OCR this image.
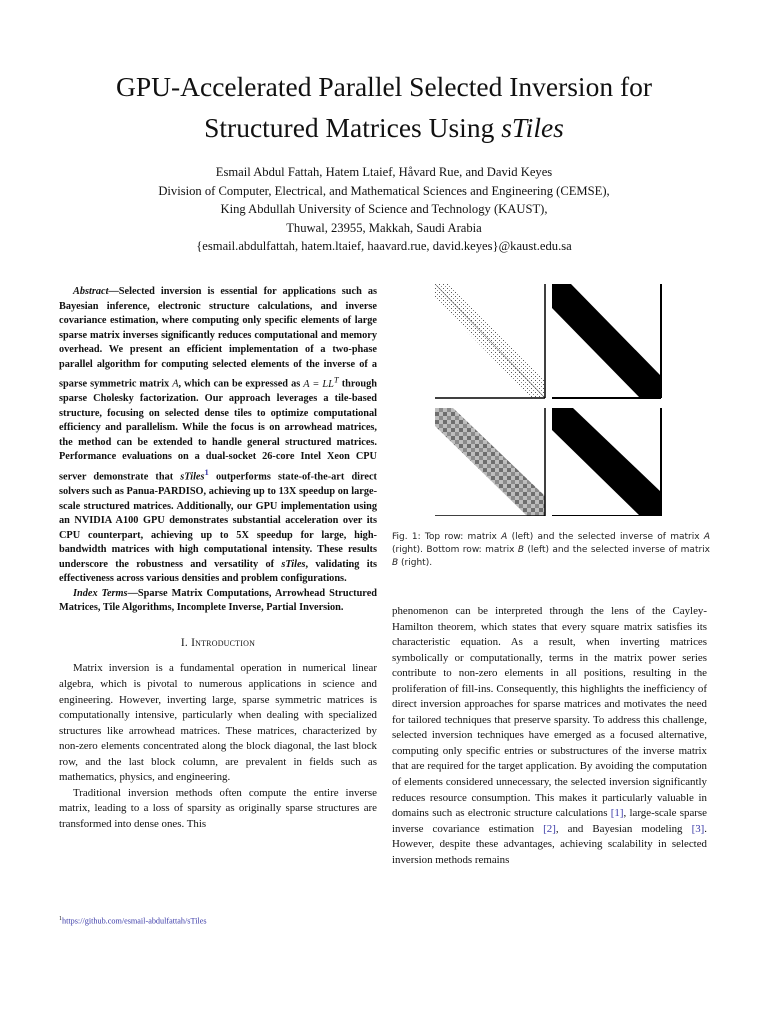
GPU-Accelerated Parallel Selected Inversion for
Structured Matrices Using sTiles
Esmail Abdul Fattah, Hatem Ltaief, Håvard Rue, and David Keyes
Division of Computer, Electrical, and Mathematical Sciences and Engineering (CEMSE),
King Abdullah University of Science and Technology (KAUST),
Thuwal, 23955, Makkah, Saudi Arabia
{esmail.abdulfattah, hatem.ltaief, haavard.rue, david.keyes}@kaust.edu.sa

Abstract—Selected inversion is essential for applications such as Bayesian inference, electronic structure calculations, and inverse covariance estimation, where computing only specific elements of large sparse matrix inverses significantly reduces computational and memory overhead. We present an efficient implementation of a two-phase parallel algorithm for computing selected elements of the inverse of a sparse symmetric matrix A, which can be expressed as $A = LL^T$ through sparse Cholesky factorization. Our approach leverages a tile-based structure, focusing on selected dense tiles to optimize computational efficiency and parallelism. While the focus is on arrowhead matrices, the method can be extended to handle general structured matrices. Performance evaluations on a dual-socket 26-core Intel Xeon CPU server demonstrate that sTiles$^1$ outperforms state-of-the-art direct solvers such as Panua-PARDISO, achieving up to 13X speedup on large-scale structured matrices. Additionally, our GPU implementation using an NVIDIA A100 GPU demonstrates substantial acceleration over its CPU counterpart, achieving up to 5X speedup for large, high-bandwidth matrices with high computational intensity. These results underscore the robustness and versatility of sTiles, validating its effectiveness across various densities and problem configurations.

Index Terms—Sparse Matrix Computations, Arrowhead Structured Matrices, Tile Algorithms, Incomplete Inverse, Partial Inversion.

I. Introduction

Matrix inversion is a fundamental operation in numerical linear algebra, which is pivotal to numerous applications in science and engineering. However, inverting large, sparse symmetric matrices is computationally intensive, particularly when dealing with specialized structures like arrowhead matrices. These matrices, characterized by non-zero elements concentrated along the block diagonal, the last block row, and the last block column, are prevalent in fields such as mathematics, physics, and engineering.

Traditional inversion methods often compute the entire inverse matrix, leading to a loss of sparsity as originally sparse structures are transformed into dense ones. This

$^1$https://github.com/esmail-abdulfattah/sTiles
Fig. 1: Top row: matrix A (left) and the selected inverse of matrix A (right). Bottom row: matrix B (left) and the selected inverse of matrix B (right).

phenomenon can be interpreted through the lens of the Cayley-Hamilton theorem, which states that every square matrix satisfies its characteristic equation. As a result, when inverting matrices symbolically or computationally, terms in the matrix power series contribute to non-zero elements in all positions, resulting in the proliferation of fill-ins. Consequently, this highlights the inefficiency of direct inversion approaches for sparse matrices and motivates the need for tailored techniques that preserve sparsity. To address this challenge, selected inversion techniques have emerged as a focused alternative, computing only specific entries or substructures of the inverse matrix that are required for the target application. By avoiding the computation of elements considered unnecessary, the selected inversion significantly reduces resource consumption. This makes it particularly valuable in domains such as electronic structure calculations [1], large-scale sparse inverse covariance estimation [2], and Bayesian modeling [3]. However, despite these advantages, achieving scalability in selected inversion methods remains
